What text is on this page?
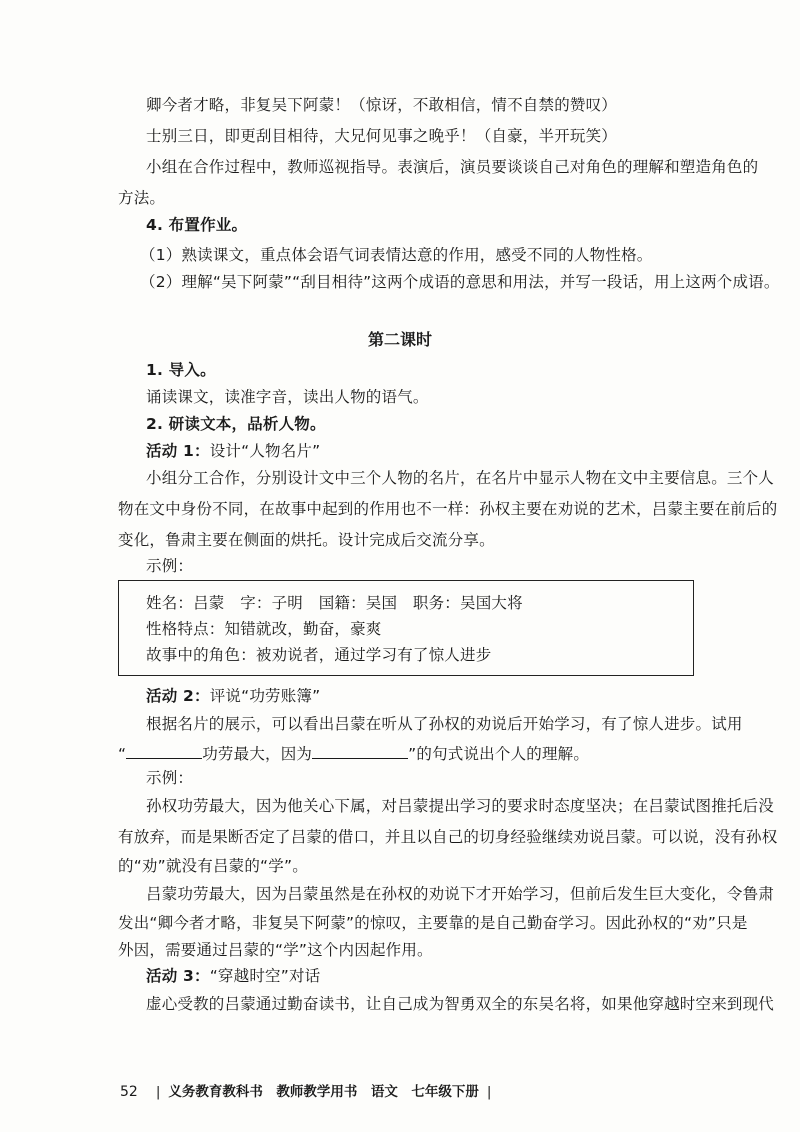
卿今者才略，非复吴下阿蒙！（惊讶，不敢相信，情不自禁的赞叹）
士别三日，即更刮目相待，大兄何见事之晚乎！（自豪，半开玩笑）
小组在合作过程中，教师巡视指导。表演后，演员要谈谈自己对角色的理解和塑造角色的
方法。
4. 布置作业。
（1）熟读课文，重点体会语气词表情达意的作用，感受不同的人物性格。
（2）理解“吴下阿蒙”“刮目相待”这两个成语的意思和用法，并写一段话，用上这两个成语。
第二课时
1. 导入。
诵读课文，读准字音，读出人物的语气。
2. 研读文本，品析人物。
活动 1：设计“人物名片”
小组分工合作，分别设计文中三个人物的名片，在名片中显示人物在文中主要信息。三个人
物在文中身份不同，在故事中起到的作用也不一样：孙权主要在劝说的艺术，吕蒙主要在前后的
变化，鲁肃主要在侧面的烘托。设计完成后交流分享。
示例：
姓名：吕蒙　字：子明　国籍：吴国　职务：吴国大将
性格特点：知错就改，勤奋，豪爽
故事中的角色：被劝说者，通过学习有了惊人进步
活动 2：评说“功劳账簿”
根据名片的展示，可以看出吕蒙在听从了孙权的劝说后开始学习，有了惊人进步。试用
“	功劳最大，因为	”的句式说出个人的理解。
示例：
孙权功劳最大，因为他关心下属，对吕蒙提出学习的要求时态度坚决；在吕蒙试图推托后没
有放弃，而是果断否定了吕蒙的借口，并且以自己的切身经验继续劝说吕蒙。可以说，没有孙权
的“劝”就没有吕蒙的“学”。
吕蒙功劳最大，因为吕蒙虽然是在孙权的劝说下才开始学习，但前后发生巨大变化，令鲁肃
发出“卿今者才略，非复吴下阿蒙”的惊叹，主要靠的是自己勤奋学习。因此孙权的“劝”只是
外因，需要通过吕蒙的“学”这个内因起作用。
活动 3：“穿越时空”对话
虚心受教的吕蒙通过勤奋读书，让自己成为智勇双全的东吴名将，如果他穿越时空来到现代
52 | 义务教育教科书　教师教学用书　语文　七年级下册 |
